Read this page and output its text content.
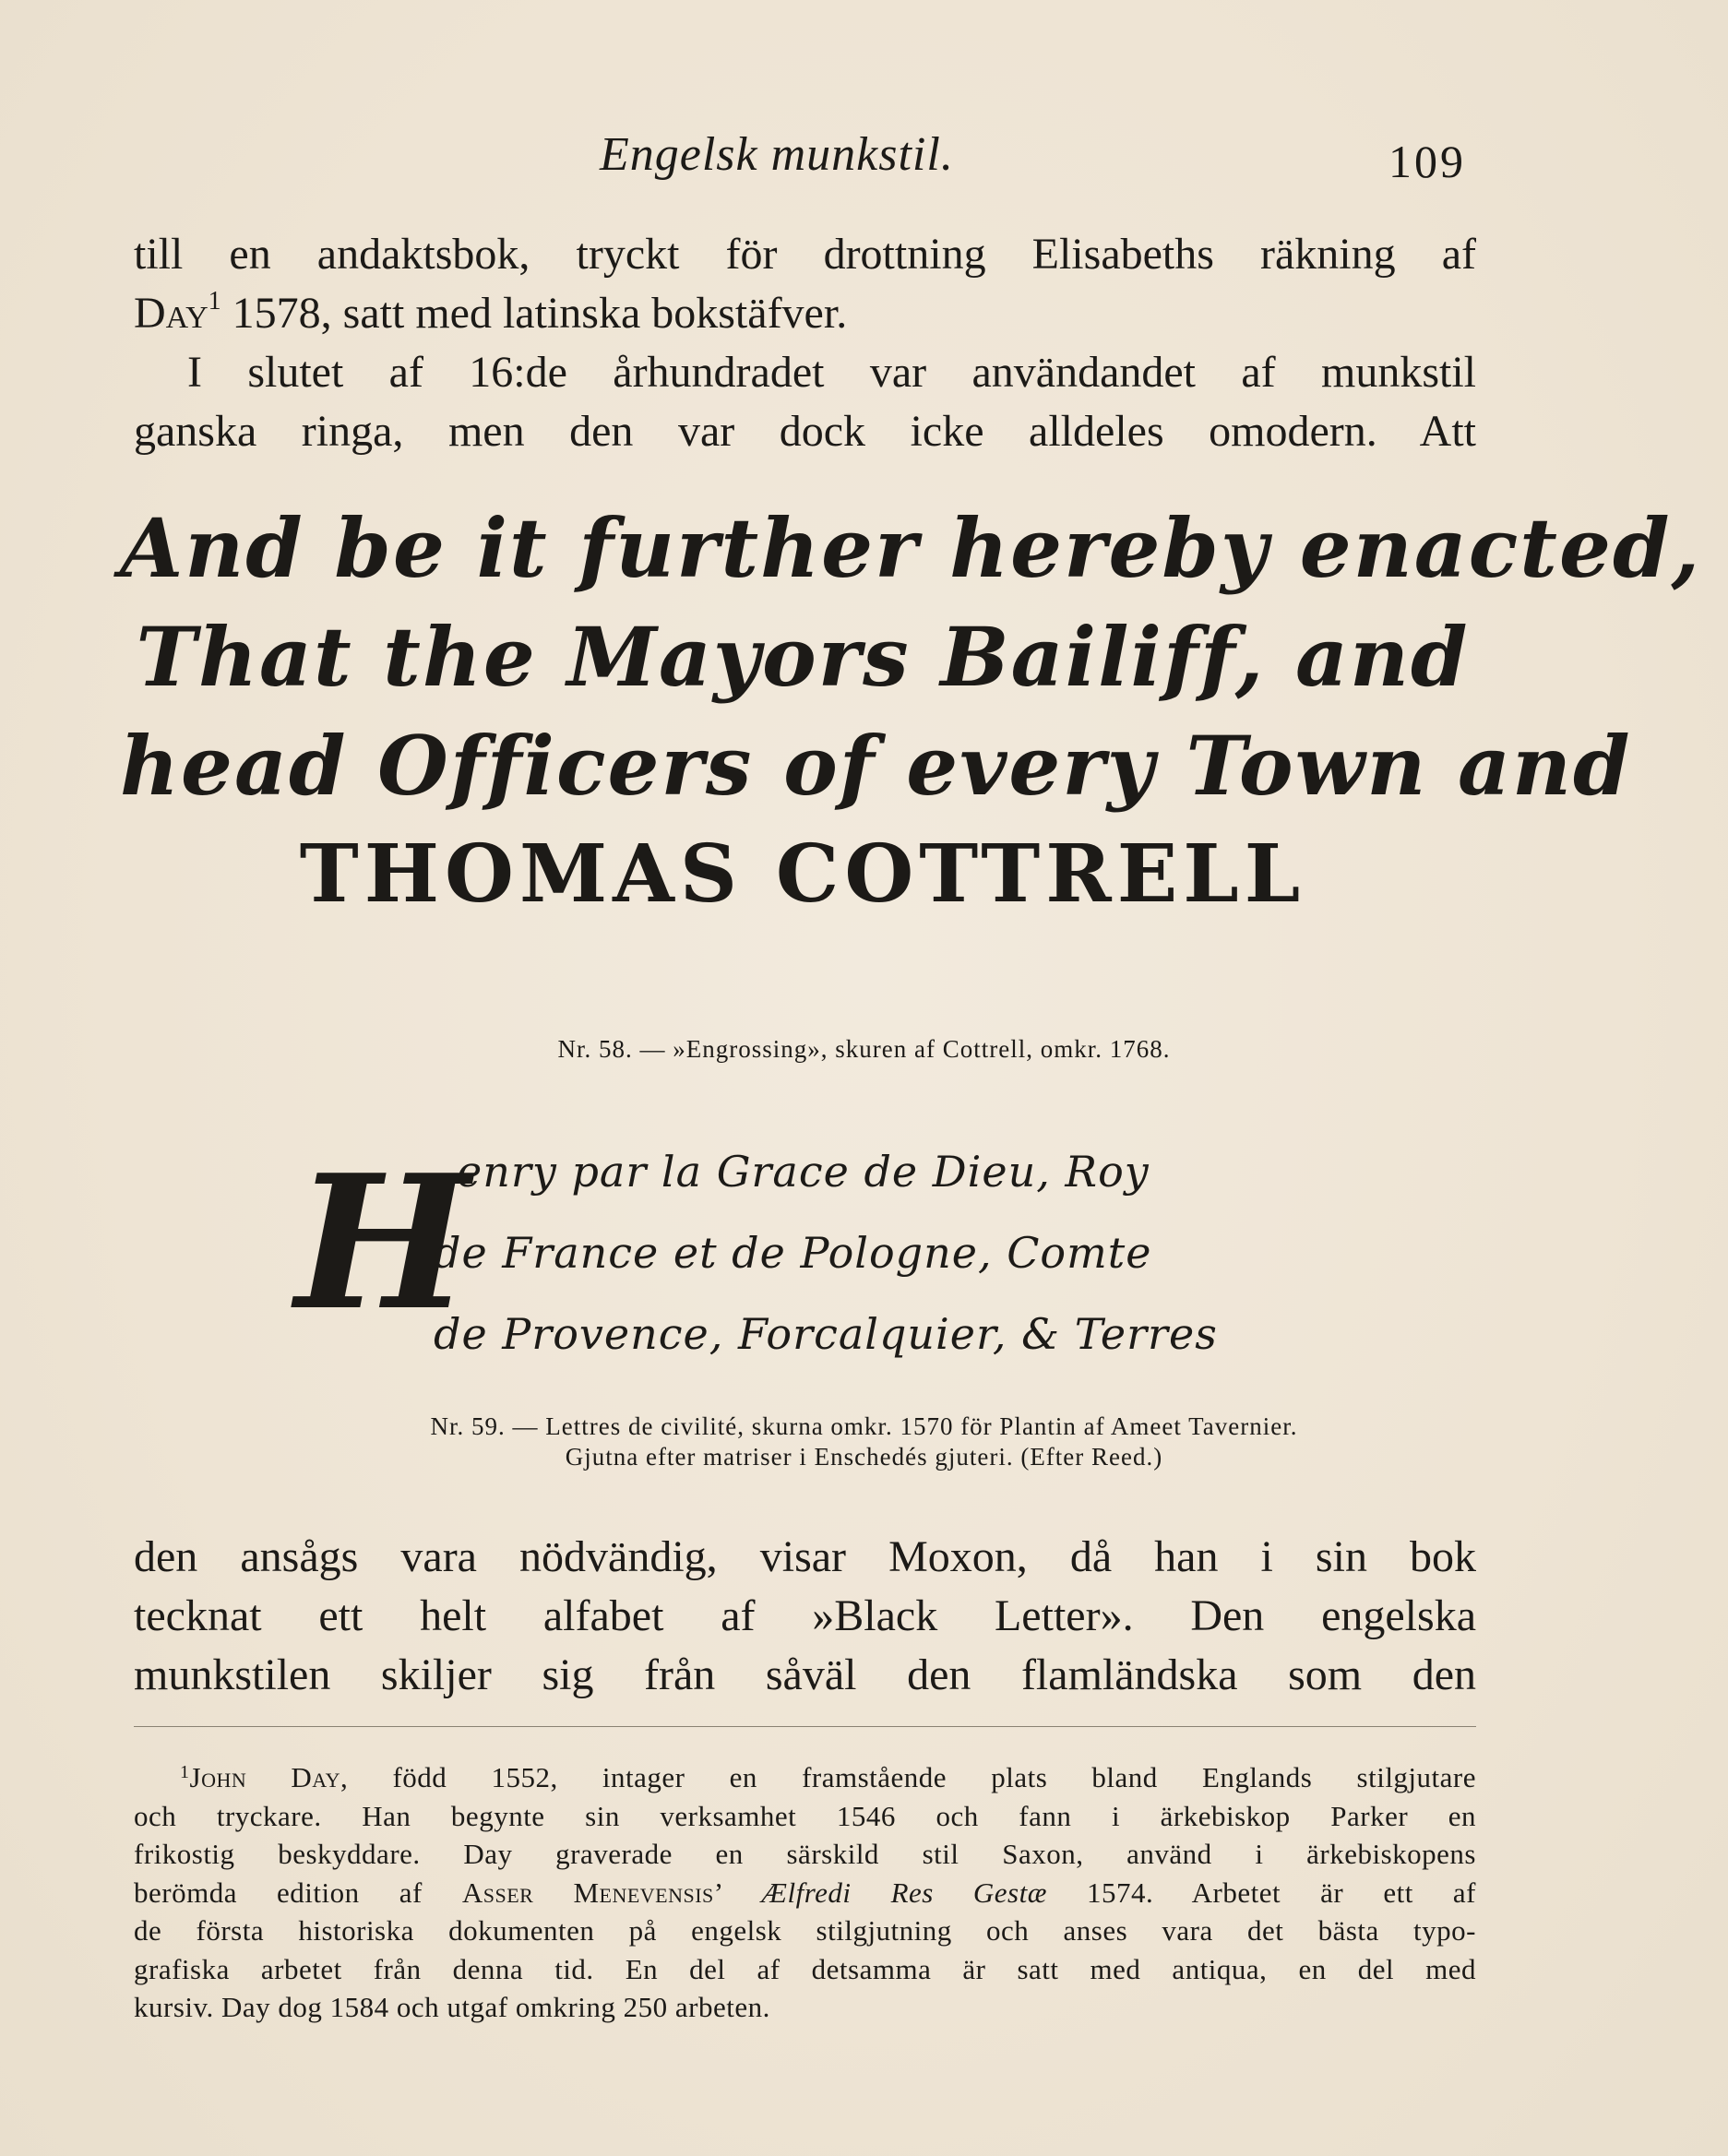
Engelsk munkstil.	109
till en andaktsbok, tryckt för drottning Elisabeths räkning af
Day$^1$ 1578, satt med latinska bokstäfver.
I slutet af 16:de århundradet var användandet af munkstil
ganska ringa, men den var dock icke alldeles omodern. Att
And be it further hereby enacted,
That the Mayors Bailiff, and
head Officers of every Town and
THOMAS COTTRELL
Nr. 58. — »Engrossing», skuren af Cottrell, omkr. 1768.
H
enry par la Grace de Dieu, Roy
de France et de Pologne, Comte
de Provence, Forcalquier, & Terres
Nr. 59. — Lettres de civilité, skurna omkr. 1570 för Plantin af Ameet Tavernier.
Gjutna efter matriser i Enschedés gjuteri. (Efter Reed.)
den ansågs vara nödvändig, visar Moxon, då han i sin bok
tecknat ett helt alfabet af »Black Letter». Den engelska
munkstilen skiljer sig från såväl den flamländska som den
$^1$John Day, född 1552, intager en framstående plats bland Englands stilgjutare
och tryckare. Han begynte sin verksamhet 1546 och fann i ärkebiskop Parker en
frikostig beskyddare. Day graverade en särskild stil Saxon, använd i ärkebiskopens
berömda edition af Asser Menevensis’ Ælfredi Res Gestæ 1574. Arbetet är ett af
de första historiska dokumenten på engelsk stilgjutning och anses vara det bästa typo-
grafiska arbetet från denna tid. En del af detsamma är satt med antiqua, en del med
kursiv. Day dog 1584 och utgaf omkring 250 arbeten.
